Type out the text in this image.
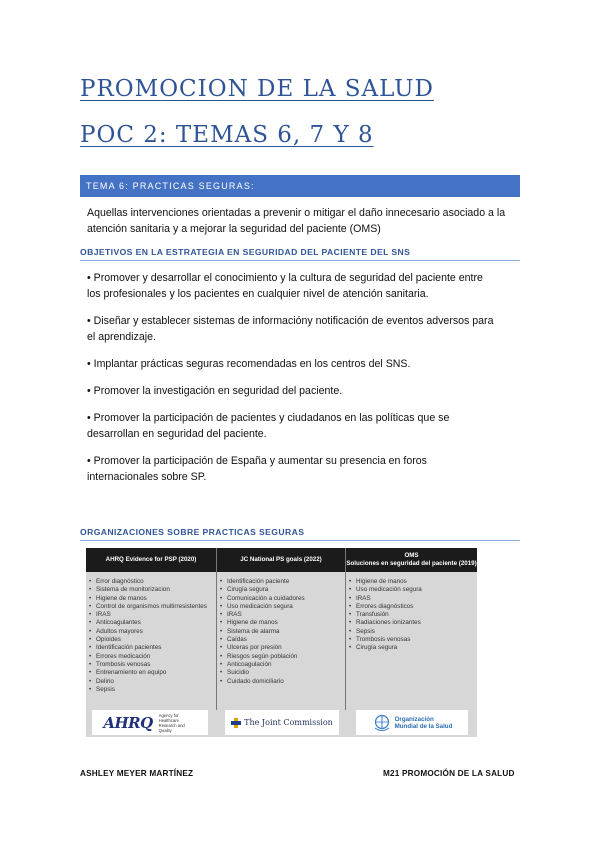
PROMOCION DE LA SALUD
POC 2: TEMAS 6, 7 Y 8
TEMA 6: PRACTICAS SEGURAS:
Aquellas intervenciones orientadas a prevenir o mitigar el daño innecesario asociado a la atención sanitaria y a mejorar la seguridad del paciente (OMS)
OBJETIVOS EN LA ESTRATEGIA EN SEGURIDAD DEL PACIENTE DEL SNS
• Promover y desarrollar el conocimiento y la cultura de seguridad del paciente entre los profesionales y los pacientes en cualquier nivel de atención sanitaria.
• Diseñar y establecer sistemas de informacióny notificación de eventos adversos para el aprendizaje.
• Implantar prácticas seguras recomendadas en los centros del SNS.
• Promover la investigación en seguridad del paciente.
• Promover la participación de pacientes y ciudadanos en las políticas que se desarrollan en seguridad del paciente.
• Promover la participación de España y aumentar su presencia en foros internacionales sobre SP.
ORGANIZACIONES SOBRE PRACTICAS SEGURAS
AHRQ Evidence for PSP (2020)
• Error diagnóstico
• Sistema de monitorizacion
• Higiene de manos
• Control de organismos multirresistentes
• IRAS
• Anticoagulantes
• Adultos mayores
• Opioides
• Identificación pacientes
• Errores medicación
• Trombosis venosas
• Entrenamiento en equipo
• Delirio
• Sepsis
AHRQ Agency for Healthcare Research and Quality
JC National PS goals (2022)
• Identificación paciente
• Cirugía segura
• Comunicación a cuidadores
• Uso medicación segura
• IRAS
• Higiene de manos
• Sistema de alarma
• Caídas
• Úlceras por presión
• Riesgos según población
• Anticoagulación
• Suicidio
• Cuidado domiciliario
The Joint Commission
OMS
Soluciones en seguridad del paciente (2019)
• Higiene de manos
• Uso medicación segura
• IRAS
• Errores diagnósticos
• Transfusión
• Radiaciones ionizantes
• Sepsis
• Trombosis venosas
• Cirugía segura
Organización
Mundial de la Salud
ASHLEY MEYER MARTÍNEZ	M21 PROMOCIÓN DE LA SALUD
